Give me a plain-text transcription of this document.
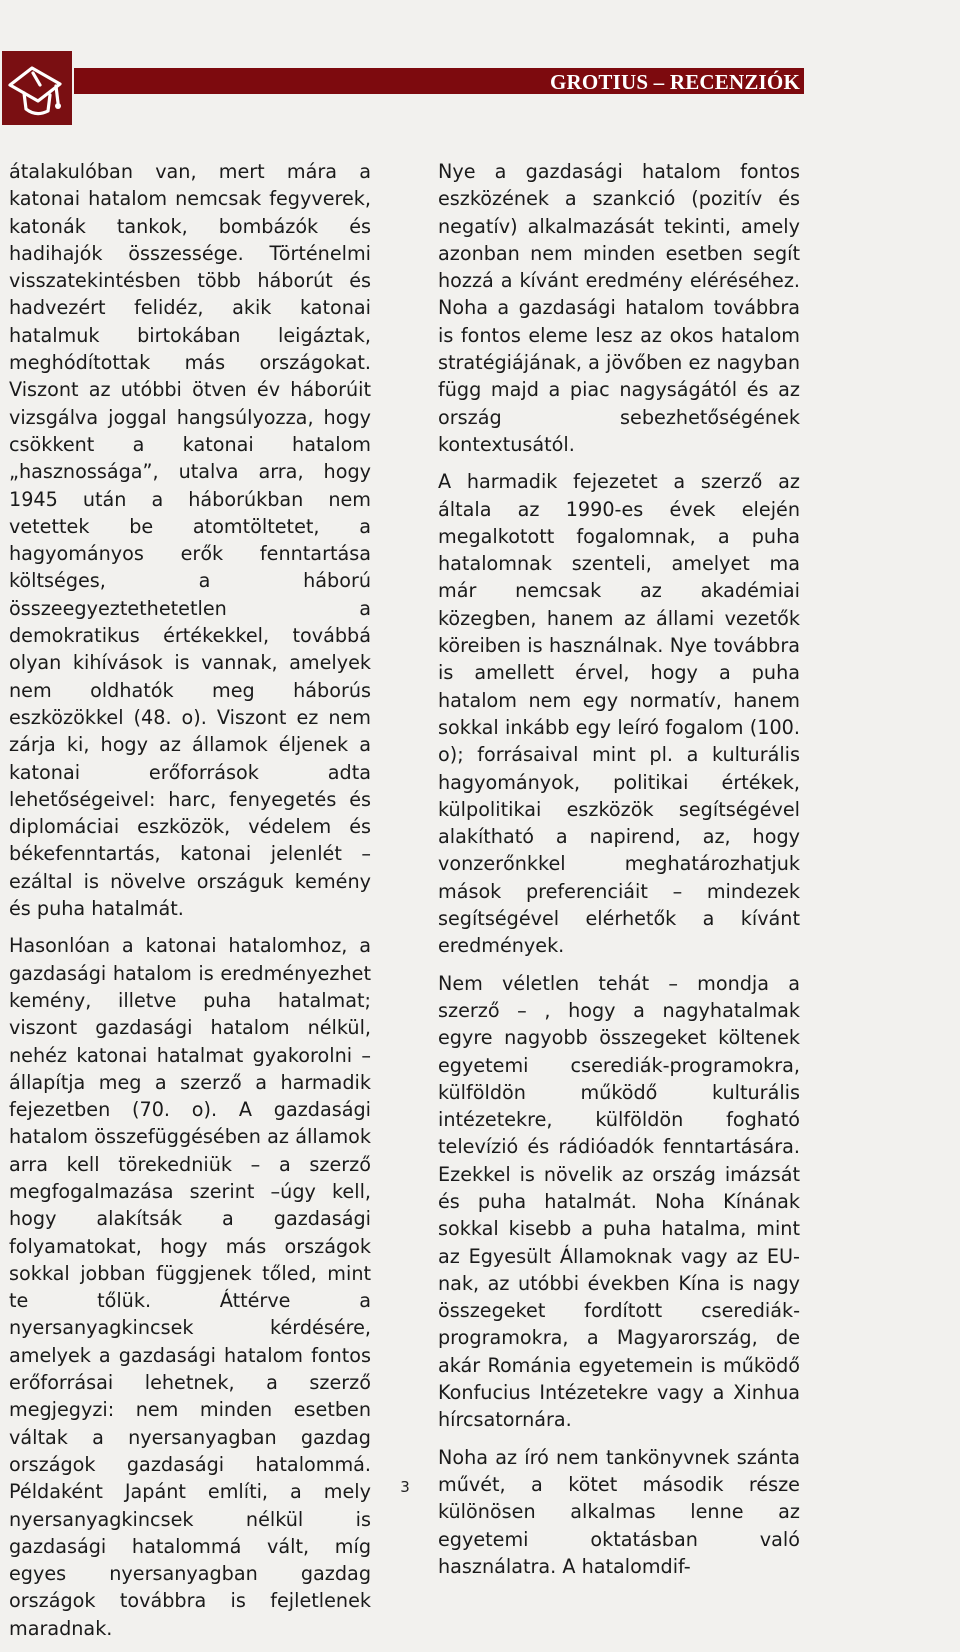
GROTIUS – RECENZIÓK

átalakulóban van, mert mára a katonai hatalom nemcsak fegyverek, katonák tankok, bombázók és hadihajók összessége. Történelmi visszatekintésben több háborút és hadvezért felidéz, akik katonai hatalmuk birtokában leigáztak, meghódítottak más országokat. Viszont az utóbbi ötven év háborúit vizsgálva joggal hangsúlyozza, hogy csökkent a katonai hatalom „hasznossága”, utalva arra, hogy 1945 után a háborúkban nem vetettek be atomtöltetet, a hagyományos erők fenntartása költséges, a háború összeegyeztethetetlen a demokratikus értékekkel, továbbá olyan kihívások is vannak, amelyek nem oldhatók meg háborús eszközökkel (48. o). Viszont ez nem zárja ki, hogy az államok éljenek a katonai erőforrások adta lehetőségeivel: harc, fenyegetés és diplomáciai eszközök, védelem és békefenntartás, katonai jelenlét – ezáltal is növelve országuk kemény és puha hatalmát.

Hasonlóan a katonai hatalomhoz, a gazdasági hatalom is eredményezhet kemény, illetve puha hatalmat; viszont gazdasági hatalom nélkül, nehéz katonai hatalmat gyakorolni – állapítja meg a szerző a harmadik fejezetben (70. o). A gazdasági hatalom összefüggésében az államok arra kell törekedniük – a szerző megfogalmazása szerint –úgy kell, hogy alakítsák a gazdasági folyamatokat, hogy más országok sokkal jobban függjenek tőled, mint te tőlük. Áttérve a nyersanyagkincsek kérdésére, amelyek a gazdasági hatalom fontos erőforrásai lehetnek, a szerző megjegyzi: nem minden esetben váltak a nyersanyagban gazdag országok gazdasági hatalommá. Példaként Japánt említi, a mely nyersanyagkincsek nélkül is gazdasági hatalommá vált, míg egyes nyersanyagban gazdag országok továbbra is fejletlenek maradnak.

Nye a gazdasági hatalom fontos eszközének a szankció (pozitív és negatív) alkalmazását tekinti, amely azonban nem minden esetben segít hozzá a kívánt eredmény eléréséhez. Noha a gazdasági hatalom továbbra is fontos eleme lesz az okos hatalom stratégiájának, a jövőben ez nagyban függ majd a piac nagyságától és az ország sebezhetőségének kontextusától.

A harmadik fejezetet a szerző az általa az 1990-es évek elején megalkotott fogalomnak, a puha hatalomnak szenteli, amelyet ma már nemcsak az akadémiai közegben, hanem az állami vezetők köreiben is használnak. Nye továbbra is amellett érvel, hogy a puha hatalom nem egy normatív, hanem sokkal inkább egy leíró fogalom (100. o); forrásaival mint pl. a kulturális hagyományok, politikai értékek, külpolitikai eszközök segítségével alakítható a napirend, az, hogy vonzerőnkkel meghatározhatjuk mások preferenciáit – mindezek segítségével elérhetők a kívánt eredmények.

Nem véletlen tehát – mondja a szerző – , hogy a nagyhatalmak egyre nagyobb összegeket költenek egyetemi cserediák-programokra, külföldön működő kulturális intézetekre, külföldön fogható televízió és rádióadók fenntartására. Ezekkel is növelik az ország imázsát és puha hatalmát. Noha Kínának sokkal kisebb a puha hatalma, mint az Egyesült Államoknak vagy az EU-nak, az utóbbi években Kína is nagy összegeket fordított cserediák-programokra, a Magyarország, de akár Románia egyetemein is működő Konfucius Intézetekre vagy a Xinhua hírcsatornára.

Noha az író nem tankönyvnek szánta művét, a kötet második része különösen alkalmas lenne az egyetemi oktatásban való használatra. A hatalomdif-

3
